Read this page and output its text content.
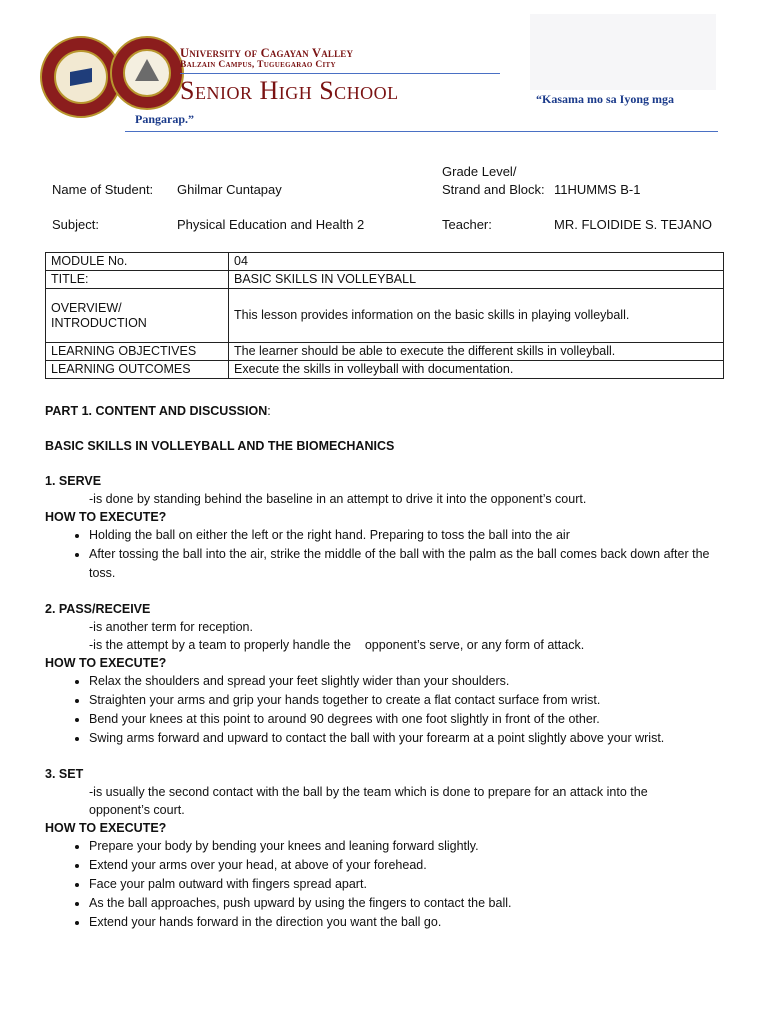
University of Cagayan Valley
Balzain Campus, Tuguegarao City
Senior High School	“Kasama mo sa Iyong mga
Pangarap.”
Name of Student: Ghilmar Cuntapay
Grade Level/
Strand and Block: 11HUMMS B-1
Subject:	Physical Education and Health 2	Teacher:	MR. FLOIDIDE S. TEJANO
MODULE No.	04
TITLE:	BASIC SKILLS IN VOLLEYBALL
OVERVIEW/
INTRODUCTION	This lesson provides information on the basic skills in playing volleyball.
LEARNING OBJECTIVES	The learner should be able to execute the different skills in volleyball.
LEARNING OUTCOMES	Execute the skills in volleyball with documentation.

PART 1. CONTENT AND DISCUSSION:

BASIC SKILLS IN VOLLEYBALL AND THE BIOMECHANICS

1. SERVE

-is done by standing behind the baseline in an attempt to drive it into the opponent’s court.

HOW TO EXECUTE?

• Holding the ball on either the left or the right hand. Preparing to toss the ball into the air
• After tossing the ball into the air, strike the middle of the ball with the palm as the ball comes back down after the toss.

2. PASS/RECEIVE

-is another term for reception.

-is the attempt by a team to properly handle the    opponent’s serve, or any form of attack.

HOW TO EXECUTE?

• Relax the shoulders and spread your feet slightly wider than your shoulders.
• Straighten your arms and grip your hands together to create a flat contact surface from wrist.
• Bend your knees at this point to around 90 degrees with one foot slightly in front of the other.
• Swing arms forward and upward to contact the ball with your forearm at a point slightly above your wrist.

3. SET

-is usually the second contact with the ball by the team which is done to prepare for an attack into the opponent’s court.

HOW TO EXECUTE?

• Prepare your body by bending your knees and leaning forward slightly.
• Extend your arms over your head, at above of your forehead.
• Face your palm outward with fingers spread apart.
• As the ball approaches, push upward by using the fingers to contact the ball.
• Extend your hands forward in the direction you want the ball go.
